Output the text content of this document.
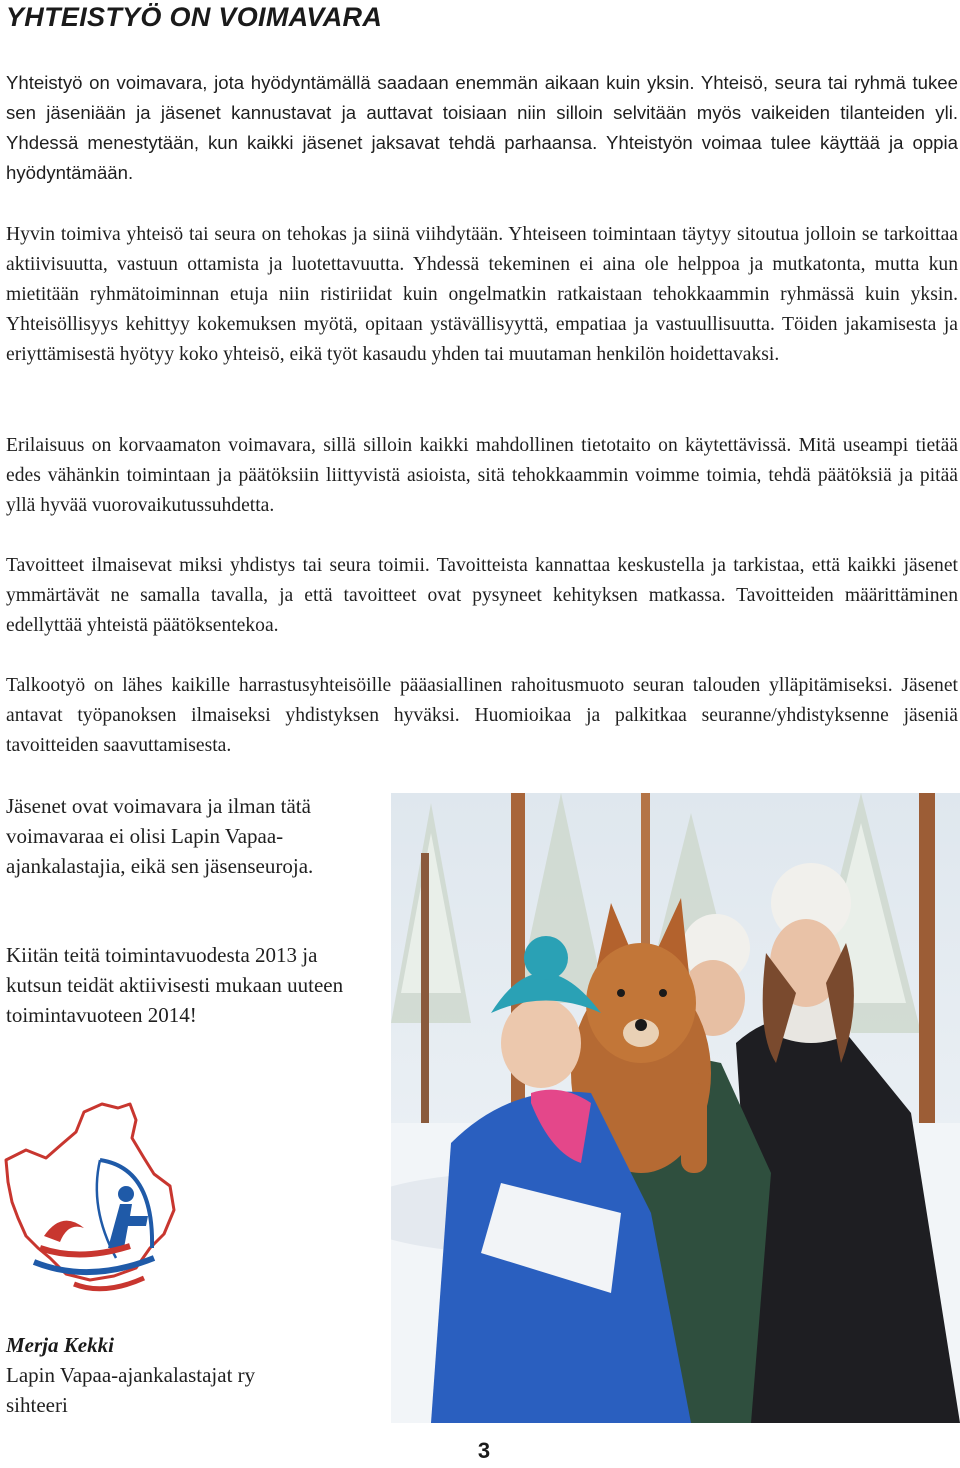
YHTEISTYÖ ON VOIMAVARA

Yhteistyö on voimavara, jota hyödyntämällä saadaan enemmän aikaan kuin yksin. Yhteisö, seura tai ryhmä tukee sen jäseniään ja jäsenet kannustavat ja auttavat toisiaan niin silloin selvitään myös vaikeiden tilanteiden yli. Yhdessä menestytään, kun kaikki jäsenet jaksavat tehdä parhaansa. Yhteistyön voimaa tulee käyttää ja oppia hyödyntämään.

Hyvin toimiva yhteisö tai seura on tehokas ja siinä viihdytään. Yhteiseen toimintaan täytyy sitoutua jolloin se tarkoittaa aktiivisuutta, vastuun ottamista ja luotettavuutta. Yhdessä tekeminen ei aina ole helppoa ja mutkatonta, mutta kun mietitään ryhmätoiminnan etuja niin ristiriidat kuin ongelmatkin ratkaistaan tehokkaammin ryhmässä kuin yksin. Yhteisöllisyys kehittyy kokemuksen myötä, opitaan ystävällisyyttä, empatiaa ja vastuullisuutta. Töiden jakamisesta ja eriyttämisestä hyötyy koko yhteisö, eikä työt kasaudu yhden tai muutaman henkilön hoidettavaksi.

Erilaisuus on korvaamaton voimavara, sillä silloin kaikki mahdollinen tietotaito on käytettävissä. Mitä useampi tietää edes vähänkin toimintaan ja päätöksiin liittyvistä asioista, sitä tehokkaammin voimme toimia, tehdä päätöksiä ja pitää yllä hyvää vuorovaikutussuhdetta.

Tavoitteet ilmaisevat miksi yhdistys tai seura toimii. Tavoitteista kannattaa keskustella ja tarkistaa, että kaikki jäsenet ymmärtävät ne samalla tavalla, ja että tavoitteet ovat pysyneet kehityksen matkassa. Tavoitteiden määrittäminen edellyttää yhteistä päätöksentekoa.

Talkootyö on lähes kaikille harrastusyhteisöille pääasiallinen rahoitusmuoto seuran talouden ylläpitämiseksi. Jäsenet antavat työpanoksen ilmaiseksi yhdistyksen hyväksi. Huomioikaa ja palkitkaa seuranne/yhdistyksenne jäseniä tavoitteiden saavuttamisesta.

Jäsenet ovat voimavara ja ilman tätä voimavaraa ei olisi Lapin Vapaa-ajankalastajia, eikä sen jäsenseuroja.

Kiitän teitä toimintavuodesta 2013 ja kutsun teidät aktiivisesti mukaan uuteen toimintavuoteen 2014!

Merja Kekki
Lapin Vapaa-ajankalastajat ry
sihteeri
3
